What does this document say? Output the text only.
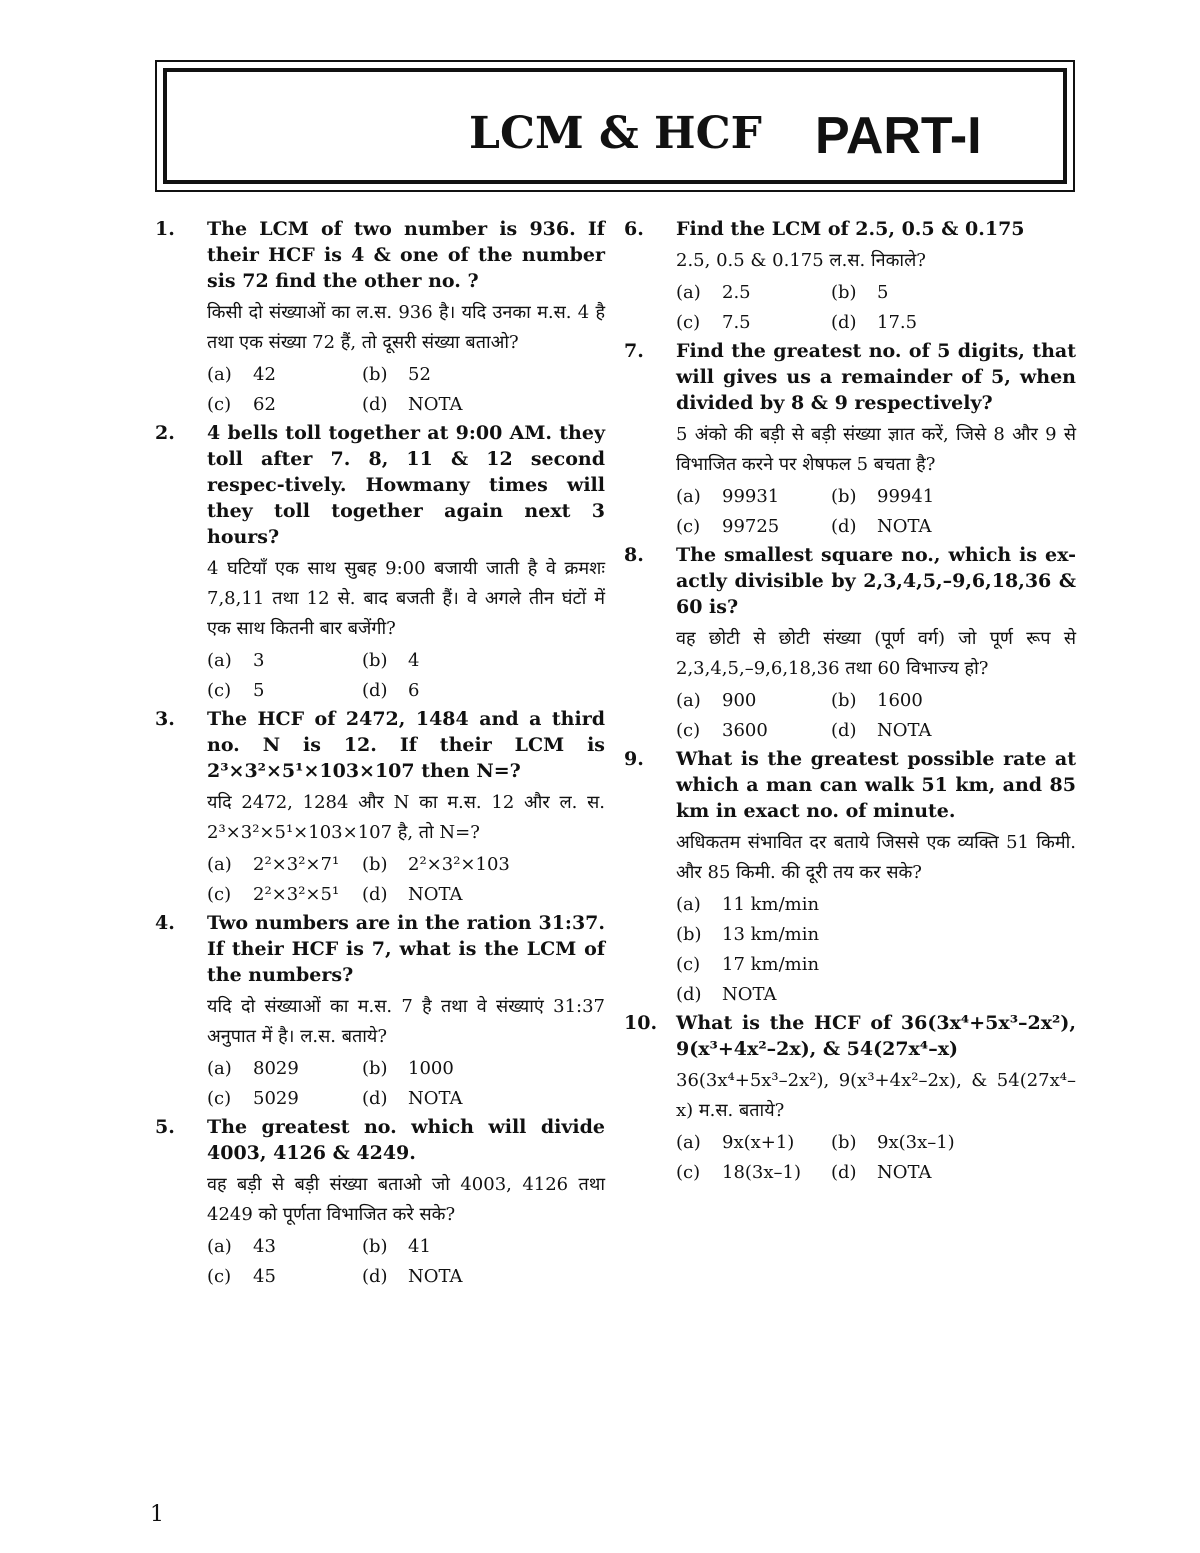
LCM & HCF PART-I
1. The LCM of two number is 936. If their HCF is 4 & one of the number sis 72 find the other no. ?

किसी दो संख्याओं का ल.स. 936 है। यदि उनका म.स. 4 है तथा एक संख्या 72 हैं, तो दूसरी संख्या बताओ?

(a)	42	(b)	52
(c)	62	(d)	NOTA
2. 4 bells toll together at 9:00 AM. they toll after 7. 8, 11 & 12 second respec-tively. Howmany times will they toll together again next 3 hours?

4 घटियाँ एक साथ सुबह 9:00 बजायी जाती है वे क्रमशः 7,8,11 तथा 12 से. बाद बजती हैं। वे अगले तीन घंटों में एक साथ कितनी बार बजेंगी?

(a)	3	(b)	4
(c)	5	(d)	6
3. The HCF of 2472, 1484 and a third no. N is 12. If their LCM is 2³×3²×5¹×103×107 then N=?

यदि 2472, 1284 और N का म.स. 12 और ल. स. 2³×3²×5¹×103×107 है, तो N=?

(a)	2²×3²×7¹ (b)	2²×3²×103
(c)	2²×3²×5¹ (d)	NOTA
4. Two numbers are in the ration 31:37. If their HCF is 7, what is the LCM of the numbers?

यदि दो संख्याओं का म.स. 7 है तथा वे संख्याएं 31:37 अनुपात में है। ल.स. बताये?

(a)	8029	(b)	1000
(c)	5029	(d)	NOTA
5. The greatest no. which will divide 4003, 4126 & 4249.

वह बड़ी से बड़ी संख्या बताओ जो 4003, 4126 तथा 4249 को पूर्णता विभाजित करे सके?

(a)	43	(b)	41
(c)	45	(d)	NOTA
6. Find the LCM of 2.5, 0.5 & 0.175

2.5, 0.5 & 0.175 ल.स. निकाले?

(a)	2.5	(b)	5
(c)	7.5	(d)	17.5
7. Find the greatest no. of 5 digits, that will gives us a remainder of 5, when divided by 8 & 9 respectively?

5 अंको की बड़ी से बड़ी संख्या ज्ञात करें, जिसे 8 और 9 से विभाजित करने पर शेषफल 5 बचता है?

(a)	99931	(b)	99941
(c)	99725	(d)	NOTA
8. The smallest square no., which is ex-actly divisible by 2,3,4,5,–9,6,18,36 & 60 is?

वह छोटी से छोटी संख्या (पूर्ण वर्ग) जो पूर्ण रूप से 2,3,4,5,–9,6,18,36 तथा 60 विभाज्य हो?

(a)	900	(b)	1600
(c)	3600	(d)	NOTA
9. What is the greatest possible rate at which a man can walk 51 km, and 85 km in exact no. of minute.

अधिकतम संभावित दर बताये जिससे एक व्यक्ति 51 किमी. और 85 किमी. की दूरी तय कर सके?

(a)	11 km/min
(b)	13 km/min
(c)	17 km/min
(d)	NOTA
10. What is the HCF of 36(3x⁴+5x³–2x²), 9(x³+4x²–2x), & 54(27x⁴–x)

36(3x⁴+5x³–2x²), 9(x³+4x²–2x), & 54(27x⁴–x) म.स. बताये?

(a)	9x(x+1) (b)	9x(3x–1)
(c)	18(3x–1) (d)	NOTA
1
